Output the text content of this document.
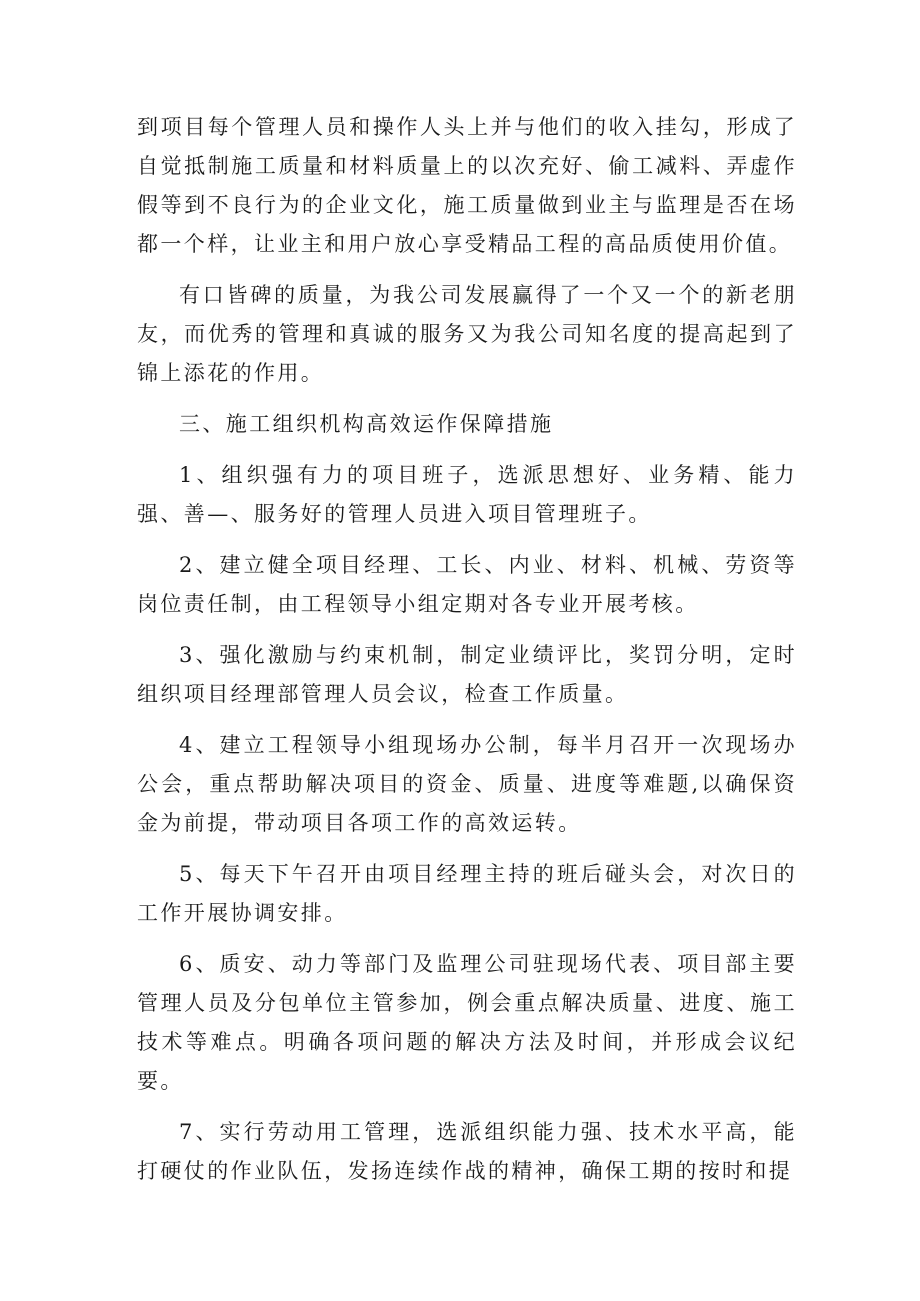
到项目每个管理人员和操作人头上并与他们的收入挂勾，形成了自觉抵制施工质量和材料质量上的以次充好、偷工减料、弄虚作假等到不良行为的企业文化，施工质量做到业主与监理是否在场都一个样，让业主和用户放心享受精品工程的高品质使用价值。

有口皆碑的质量，为我公司发展赢得了一个又一个的新老朋友，而优秀的管理和真诚的服务又为我公司知名度的提高起到了锦上添花的作用。

三、施工组织机构高效运作保障措施

1、组织强有力的项目班子，选派思想好、业务精、能力强、善—、服务好的管理人员进入项目管理班子。

2、建立健全项目经理、工长、内业、材料、机械、劳资等岗位责任制，由工程领导小组定期对各专业开展考核。

3、强化激励与约束机制，制定业绩评比，奖罚分明，定时组织项目经理部管理人员会议，检查工作质量。

4、建立工程领导小组现场办公制，每半月召开一次现场办公会，重点帮助解决项目的资金、质量、进度等难题,以确保资金为前提，带动项目各项工作的高效运转。

5、每天下午召开由项目经理主持的班后碰头会，对次日的工作开展协调安排。

6、质安、动力等部门及监理公司驻现场代表、项目部主要管理人员及分包单位主管参加，例会重点解决质量、进度、施工技术等难点。明确各项问题的解决方法及时间，并形成会议纪要。

7、实行劳动用工管理，选派组织能力强、技术水平高，能打硬仗的作业队伍，发扬连续作战的精神，确保工期的按时和提
